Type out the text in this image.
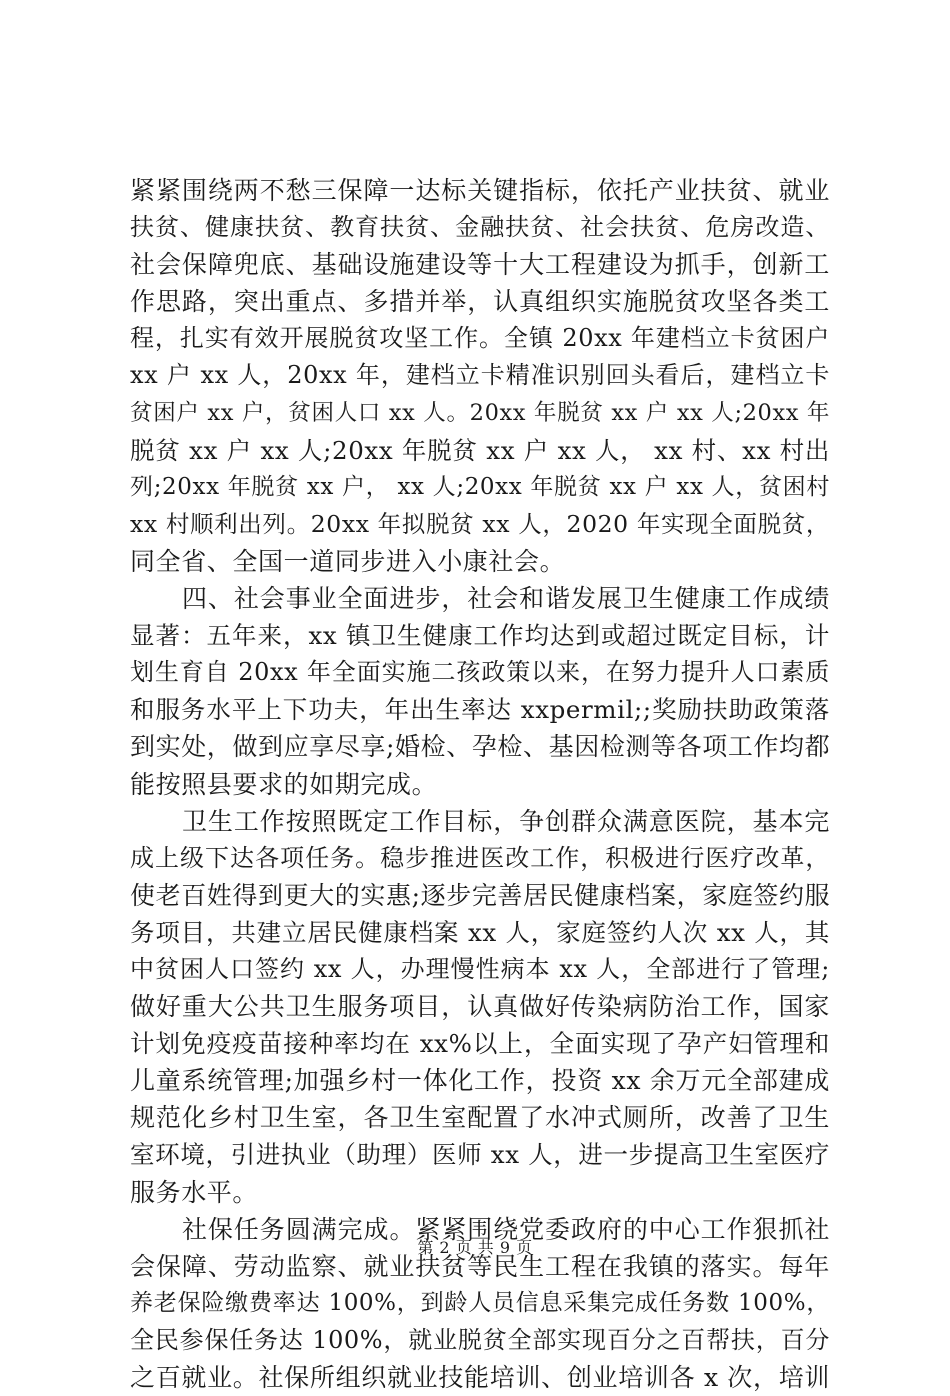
紧紧围绕两不愁三保障一达标关键指标，依托产业扶贫、就业
扶贫、健康扶贫、教育扶贫、金融扶贫、社会扶贫、危房改造、
社会保障兜底、基础设施建设等十大工程建设为抓手，创新工
作思路，突出重点、多措并举，认真组织实施脱贫攻坚各类工
程，扎实有效开展脱贫攻坚工作。全镇 20xx 年建档立卡贫困户
xx 户 xx 人，20xx 年，建档立卡精准识别回头看后，建档立卡
贫困户 xx 户，贫困人口 xx 人。20xx 年脱贫 xx 户 xx 人;20xx 年
脱贫 xx 户 xx 人;20xx 年脱贫 xx 户 xx 人， xx 村、xx 村出
列;20xx 年脱贫 xx 户， xx 人;20xx 年脱贫 xx 户 xx 人，贫困村
xx 村顺利出列。20xx 年拟脱贫 xx 人，2020 年实现全面脱贫，
同全省、全国一道同步进入小康社会。
四、社会事业全面进步，社会和谐发展卫生健康工作成绩
显著：五年来，xx 镇卫生健康工作均达到或超过既定目标，计
划生育自 20xx 年全面实施二孩政策以来，在努力提升人口素质
和服务水平上下功夫，年出生率达 xxpermil;;奖励扶助政策落
到实处，做到应享尽享;婚检、孕检、基因检测等各项工作均都
能按照县要求的如期完成。
卫生工作按照既定工作目标，争创群众满意医院，基本完
成上级下达各项任务。稳步推进医改工作，积极进行医疗改革，
使老百姓得到更大的实惠;逐步完善居民健康档案，家庭签约服
务项目，共建立居民健康档案 xx 人，家庭签约人次 xx 人，其
中贫困人口签约 xx 人，办理慢性病本 xx 人，全部进行了管理;
做好重大公共卫生服务项目，认真做好传染病防治工作，国家
计划免疫疫苗接种率均在 xx%以上，全面实现了孕产妇管理和
儿童系统管理;加强乡村一体化工作，投资 xx 余万元全部建成
规范化乡村卫生室，各卫生室配置了水冲式厕所，改善了卫生
室环境，引进执业（助理）医师 xx 人，进一步提高卫生室医疗
服务水平。
社保任务圆满完成。紧紧围绕党委政府的中心工作狠抓社
会保障、劳动监察、就业扶贫等民生工程在我镇的落实。每年
养老保险缴费率达 100%，到龄人员信息采集完成任务数 100%，
全民参保任务达 100%，就业脱贫全部实现百分之百帮扶，百分
之百就业。社保所组织就业技能培训、创业培训各 x 次，培训
第 2 页 共 9 页
